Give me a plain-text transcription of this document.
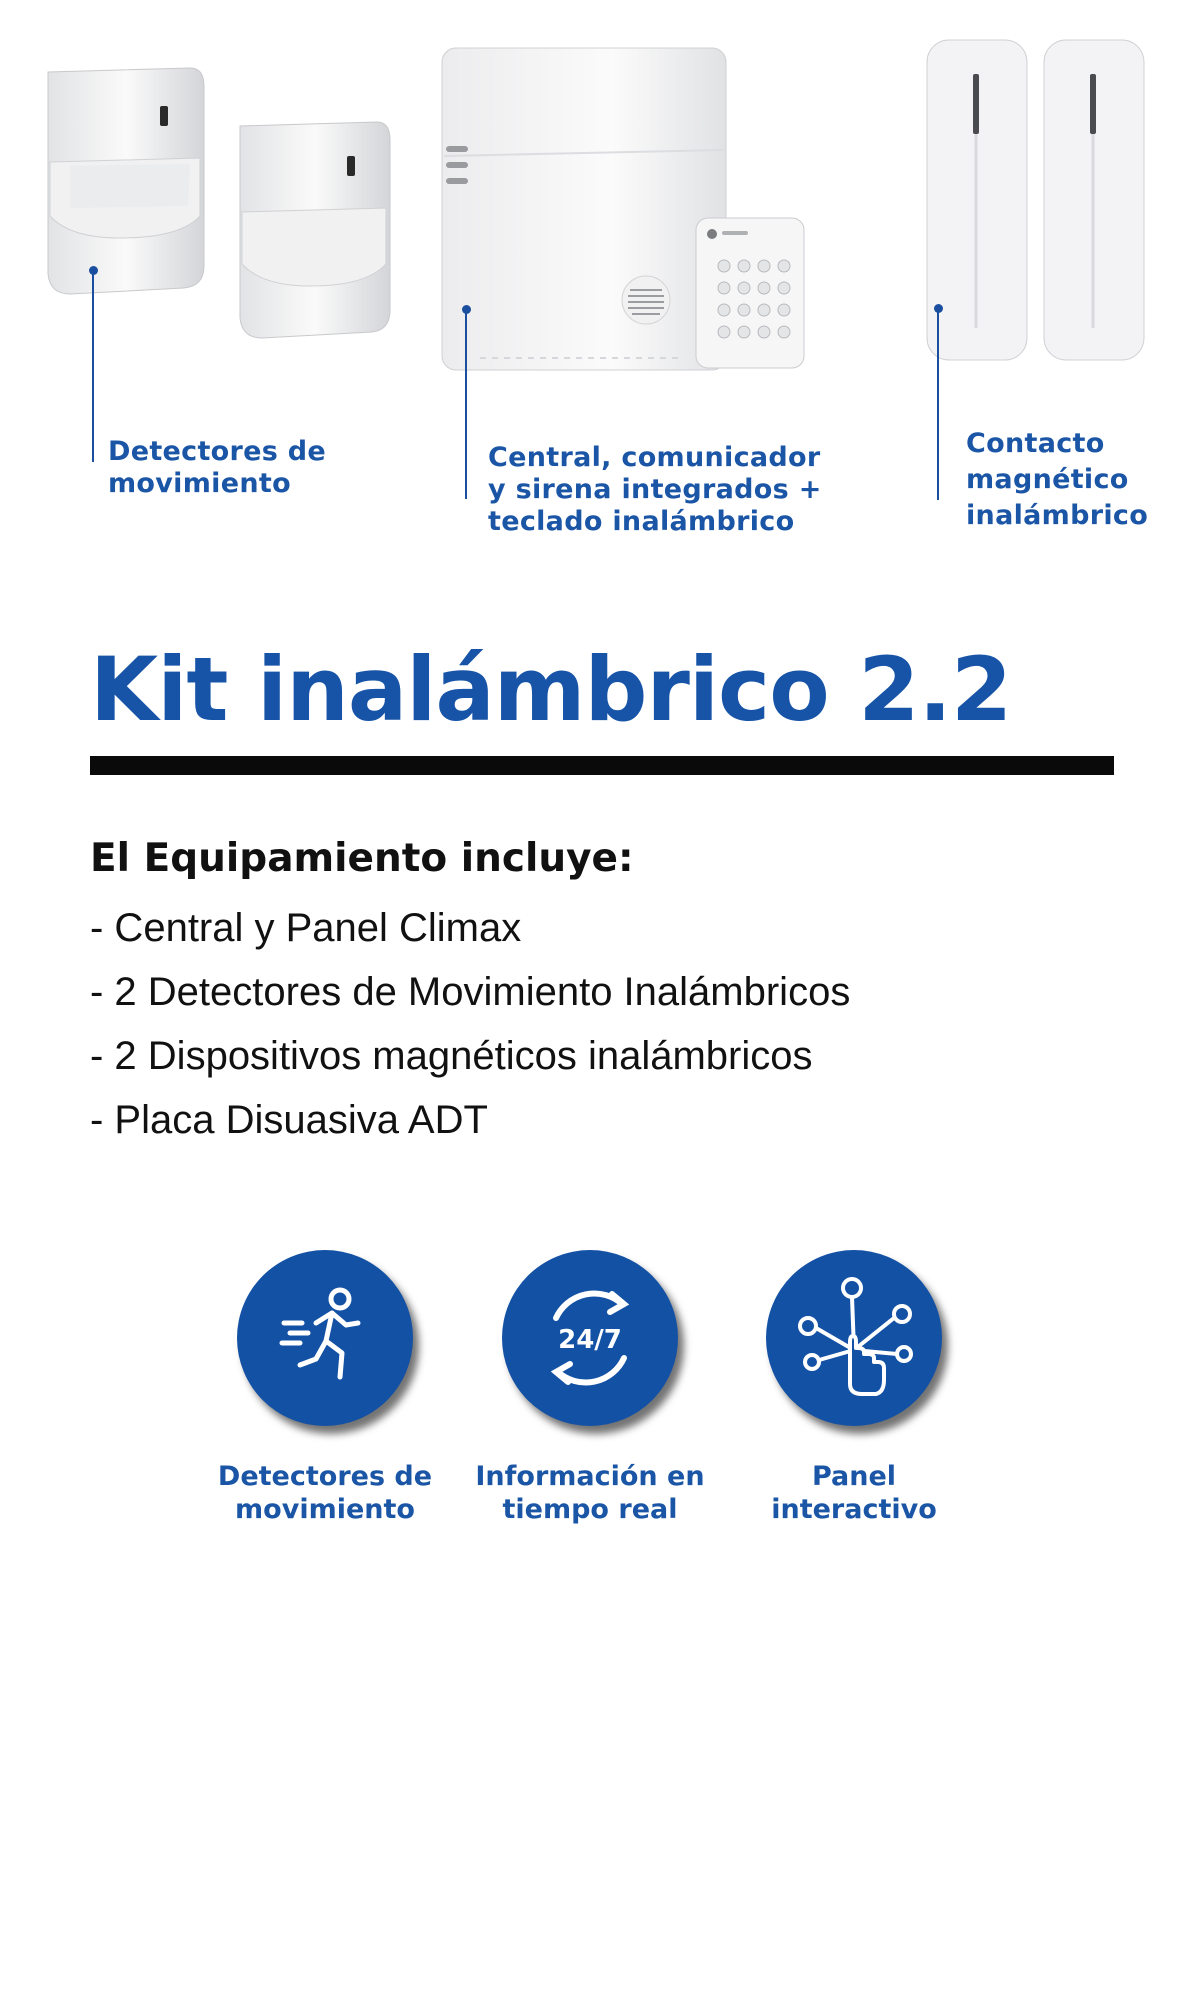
Detectores de
movimiento
Central, comunicador
y sirena integrados +
teclado inalámbrico
Contacto
magnético
inalámbrico
Kit inalámbrico 2.2
El Equipamiento incluye:
- Central y Panel Climax
- 2 Detectores de Movimiento Inalámbricos
- 2 Dispositivos magnéticos inalámbricos
- Placa Disuasiva ADT
Detectores de
movimiento
24/7
Información en
tiempo real
Panel
interactivo
